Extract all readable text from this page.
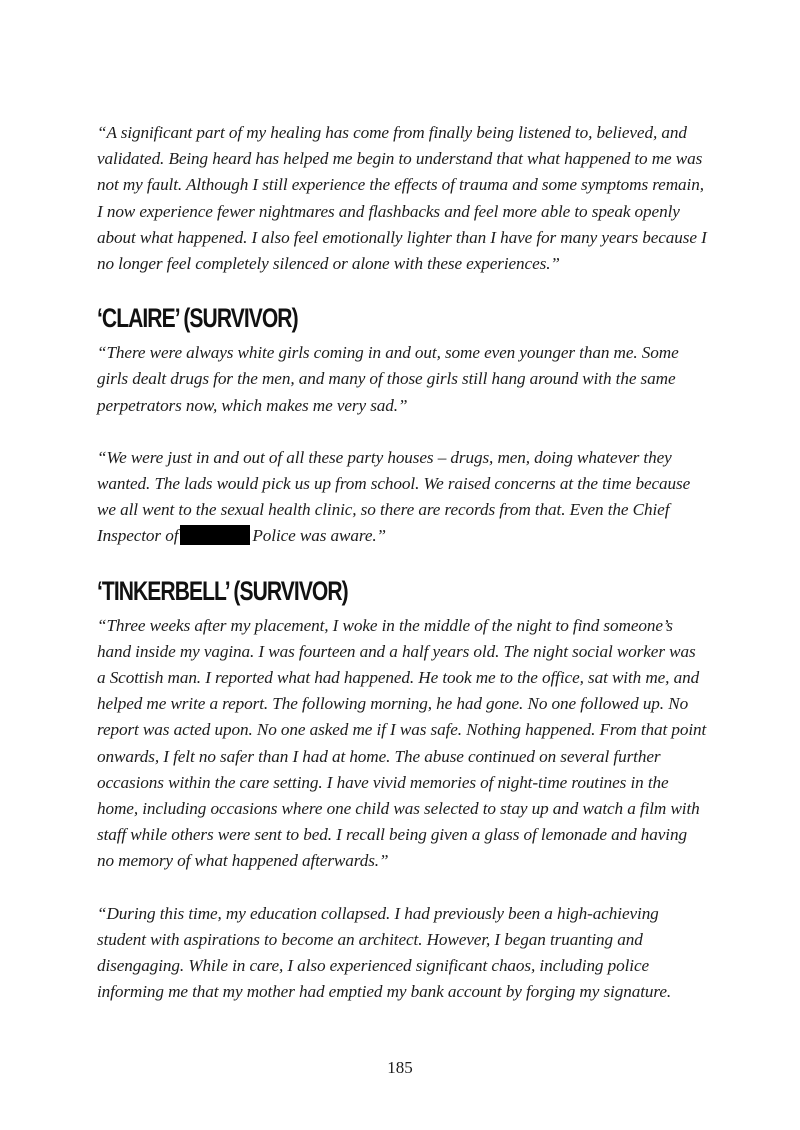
“A significant part of my healing has come from finally being listened to, believed, and validated. Being heard has helped me begin to understand that what happened to me was not my fault. Although I still experience the effects of trauma and some symptoms remain, I now experience fewer nightmares and flashbacks and feel more able to speak openly about what happened. I also feel emotionally lighter than I have for many years because I no longer feel completely silenced or alone with these experiences.”

‘CLAIRE’ (SURVIVOR)

“There were always white girls coming in and out, some even younger than me. Some girls dealt drugs for the men, and many of those girls still hang around with the same perpetrators now, which makes me very sad.”

“We were just in and out of all these party houses – drugs, men, doing whatever they wanted. The lads would pick us up from school. We raised concerns at the time because we all went to the sexual health clinic, so there are records from that. Even the Chief Inspector of	Police was aware.”

‘TINKERBELL’ (SURVIVOR)

“Three weeks after my placement, I woke in the middle of the night to find someone’s hand inside my vagina. I was fourteen and a half years old. The night social worker was a Scottish man. I reported what had happened. He took me to the office, sat with me, and helped me write a report. The following morning, he had gone. No one followed up. No report was acted upon. No one asked me if I was safe. Nothing happened. From that point onwards, I felt no safer than I had at home. The abuse continued on several further occasions within the care setting. I have vivid memories of night-time routines in the home, including occasions where one child was selected to stay up and watch a film with staff while others were sent to bed. I recall being given a glass of lemonade and having no memory of what happened afterwards.”

“During this time, my education collapsed. I had previously been a high-achieving student with aspirations to become an architect. However, I began truanting and disengaging. While in care, I also experienced significant chaos, including police informing me that my mother had emptied my bank account by forging my signature.

185
